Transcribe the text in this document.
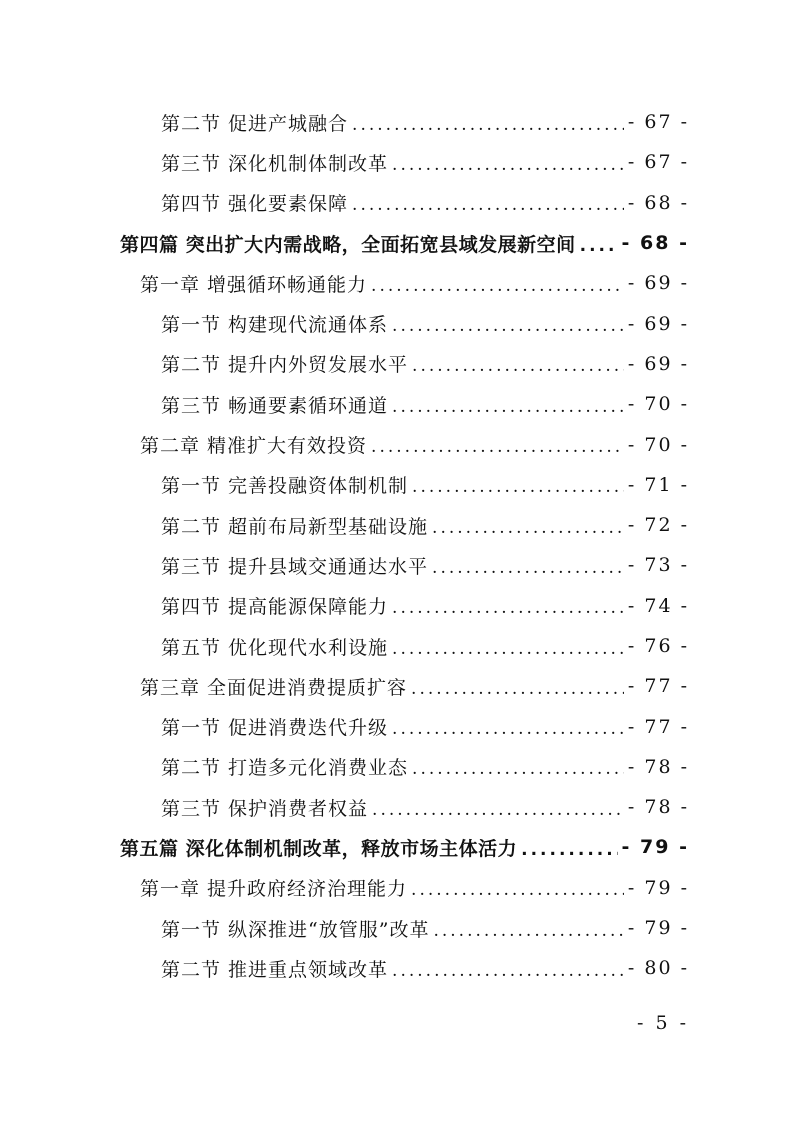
第二节 促进产城融合 .....	- 67 -
第三节 深化机制体制改革 .....	- 67 -
第四节 强化要素保障 .....	- 68 -
第四篇 突出扩大内需战略，全面拓宽县域发展新空间 ..... - 68 -
第一章 增强循环畅通能力 .....	- 69 -
第一节 构建现代流通体系 .....	- 69 -
第二节 提升内外贸发展水平 .....	- 69 -
第三节 畅通要素循环通道 .....	- 70 -
第二章 精准扩大有效投资 .....	- 70 -
第一节 完善投融资体制机制 .....	- 71 -
第二节 超前布局新型基础设施 .....	- 72 -
第三节 提升县域交通通达水平 .....	- 73 -
第四节 提高能源保障能力 .....	- 74 -
第五节 优化现代水利设施 .....	- 76 -
第三章 全面促进消费提质扩容 .....	- 77 -
第一节 促进消费迭代升级 .....	- 77 -
第二节 打造多元化消费业态 .....	- 78 -
第三节 保护消费者权益 .....	- 78 -
第五篇 深化体制机制改革，释放市场主体活力 .....	- 79 -
第一章 提升政府经济治理能力 .....	- 79 -
第一节 纵深推进“放管服”改革 .....	- 79 -
第二节 推进重点领域改革 .....	- 80 -
- 5 -
